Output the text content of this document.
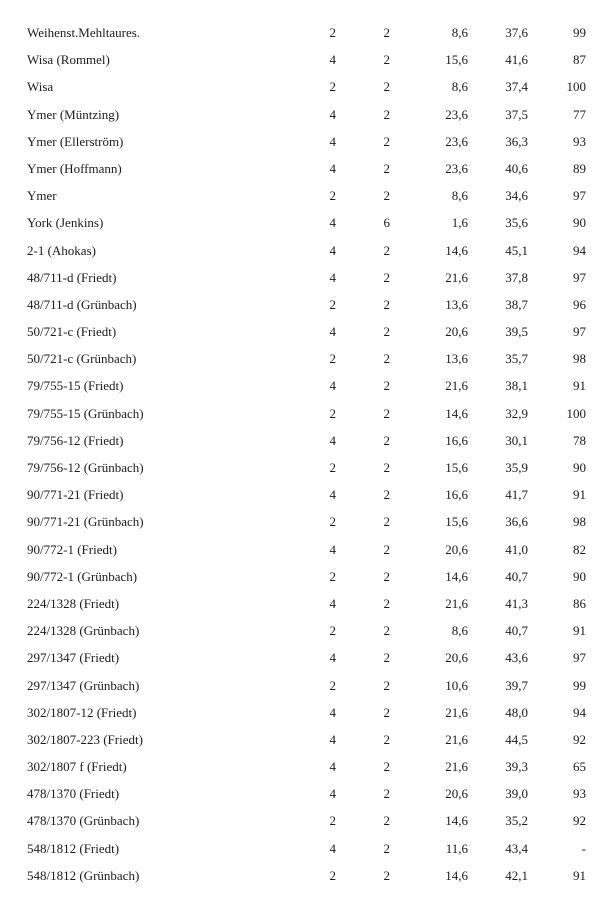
Weihenst.Mehltaures.	2	2	8,6	37,6	99
Wisa (Rommel)	4	2	15,6	41,6	87
Wisa	2	2	8,6	37,4	100
Ymer (Müntzing)	4	2	23,6	37,5	77
Ymer (Ellerström)	4	2	23,6	36,3	93
Ymer (Hoffmann)	4	2	23,6	40,6	89
Ymer	2	2	8,6	34,6	97
York (Jenkins)	4	6	1,6	35,6	90
2-1 (Ahokas)	4	2	14,6	45,1	94
48/711-d (Friedt)	4	2	21,6	37,8	97
48/711-d (Grünbach)	2	2	13,6	38,7	96
50/721-c (Friedt)	4	2	20,6	39,5	97
50/721-c (Grünbach)	2	2	13,6	35,7	98
79/755-15 (Friedt)	4	2	21,6	38,1	91
79/755-15 (Grünbach)	2	2	14,6	32,9	100
79/756-12 (Friedt)	4	2	16,6	30,1	78
79/756-12 (Grünbach)	2	2	15,6	35,9	90
90/771-21 (Friedt)	4	2	16,6	41,7	91
90/771-21 (Grünbach)	2	2	15,6	36,6	98
90/772-1 (Friedt)	4	2	20,6	41,0	82
90/772-1 (Grünbach)	2	2	14,6	40,7	90
224/1328 (Friedt)	4	2	21,6	41,3	86
224/1328 (Grünbach)	2	2	8,6	40,7	91
297/1347 (Friedt)	4	2	20,6	43,6	97
297/1347 (Grünbach)	2	2	10,6	39,7	99
302/1807-12 (Friedt)	4	2	21,6	48,0	94
302/1807-223 (Friedt)	4	2	21,6	44,5	92
302/1807 f (Friedt)	4	2	21,6	39,3	65
478/1370 (Friedt)	4	2	20,6	39,0	93
478/1370 (Grünbach)	2	2	14,6	35,2	92
548/1812 (Friedt)	4	2	11,6	43,4	-
548/1812 (Grünbach)	2	2	14,6	42,1	91
